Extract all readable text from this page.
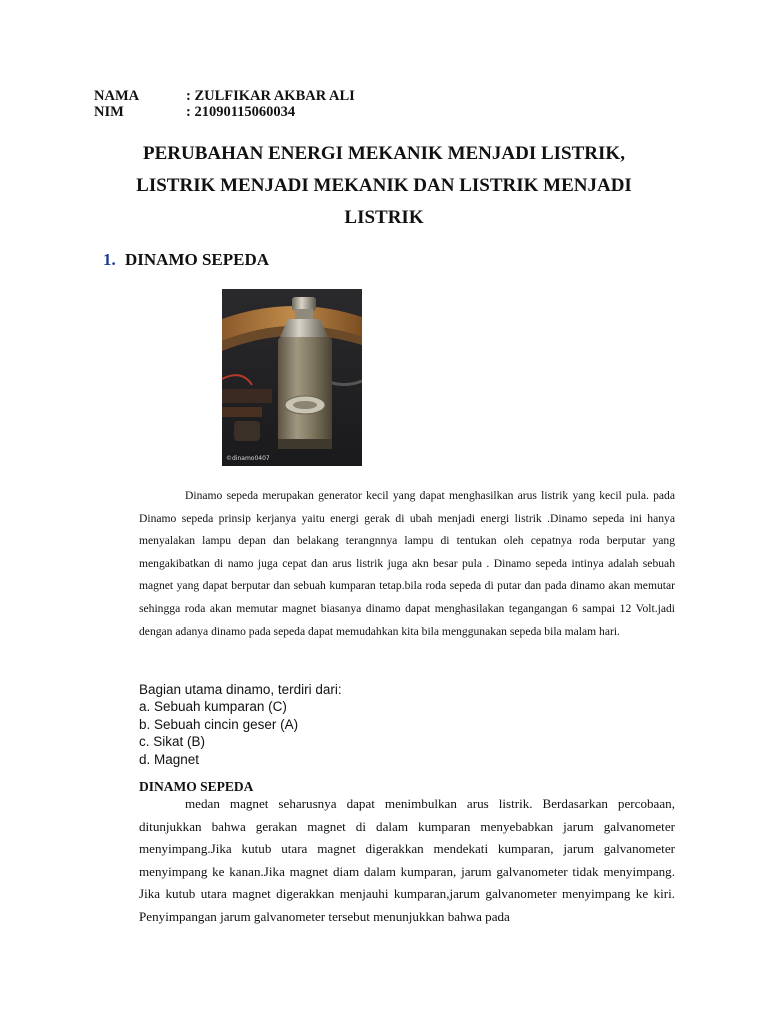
NAMA	: ZULFIKAR AKBAR ALI
NIM	: 21090115060034
PERUBAHAN ENERGI MEKANIK MENJADI LISTRIK,
LISTRIK MENJADI MEKANIK DAN LISTRIK MENJADI
LISTRIK
1. DINAMO SEPEDA
©dinamo0407

Dinamo sepeda merupakan generator kecil yang dapat menghasilkan arus listrik yang kecil pula. pada Dinamo sepeda prinsip kerjanya yaitu energi gerak di ubah menjadi energi listrik .Dinamo sepeda ini hanya menyalakan lampu depan dan belakang terangnnya lampu di tentukan oleh cepatnya roda berputar yang mengakibatkan di namo juga cepat dan arus listrik juga akn besar pula . Dinamo sepeda intinya adalah sebuah magnet yang dapat berputar dan sebuah kumparan tetap.bila roda sepeda di putar dan pada dinamo akan memutar sehingga roda akan memutar magnet biasanya dinamo dapat menghasilakan tegangangan 6 sampai 12 Volt.jadi dengan adanya dinamo pada sepeda dapat memudahkan kita bila menggunakan sepeda bila malam hari.

Bagian utama dinamo, terdiri dari:
a. Sebuah kumparan (C)
b. Sebuah cincin geser (A)
c. Sikat (B)
d. Magnet
DINAMO SEPEDA

medan magnet seharusnya dapat menimbulkan arus listrik. Berdasarkan percobaan, ditunjukkan bahwa gerakan magnet di dalam kumparan menyebabkan jarum galvanometer menyimpang.Jika kutub utara magnet digerakkan mendekati kumparan, jarum galvanometer menyimpang ke kanan.Jika magnet diam dalam kumparan, jarum galvanometer tidak menyimpang. Jika kutub utara magnet digerakkan menjauhi kumparan,jarum galvanometer menyimpang ke kiri. Penyimpangan jarum galvanometer tersebut menunjukkan bahwa pada
